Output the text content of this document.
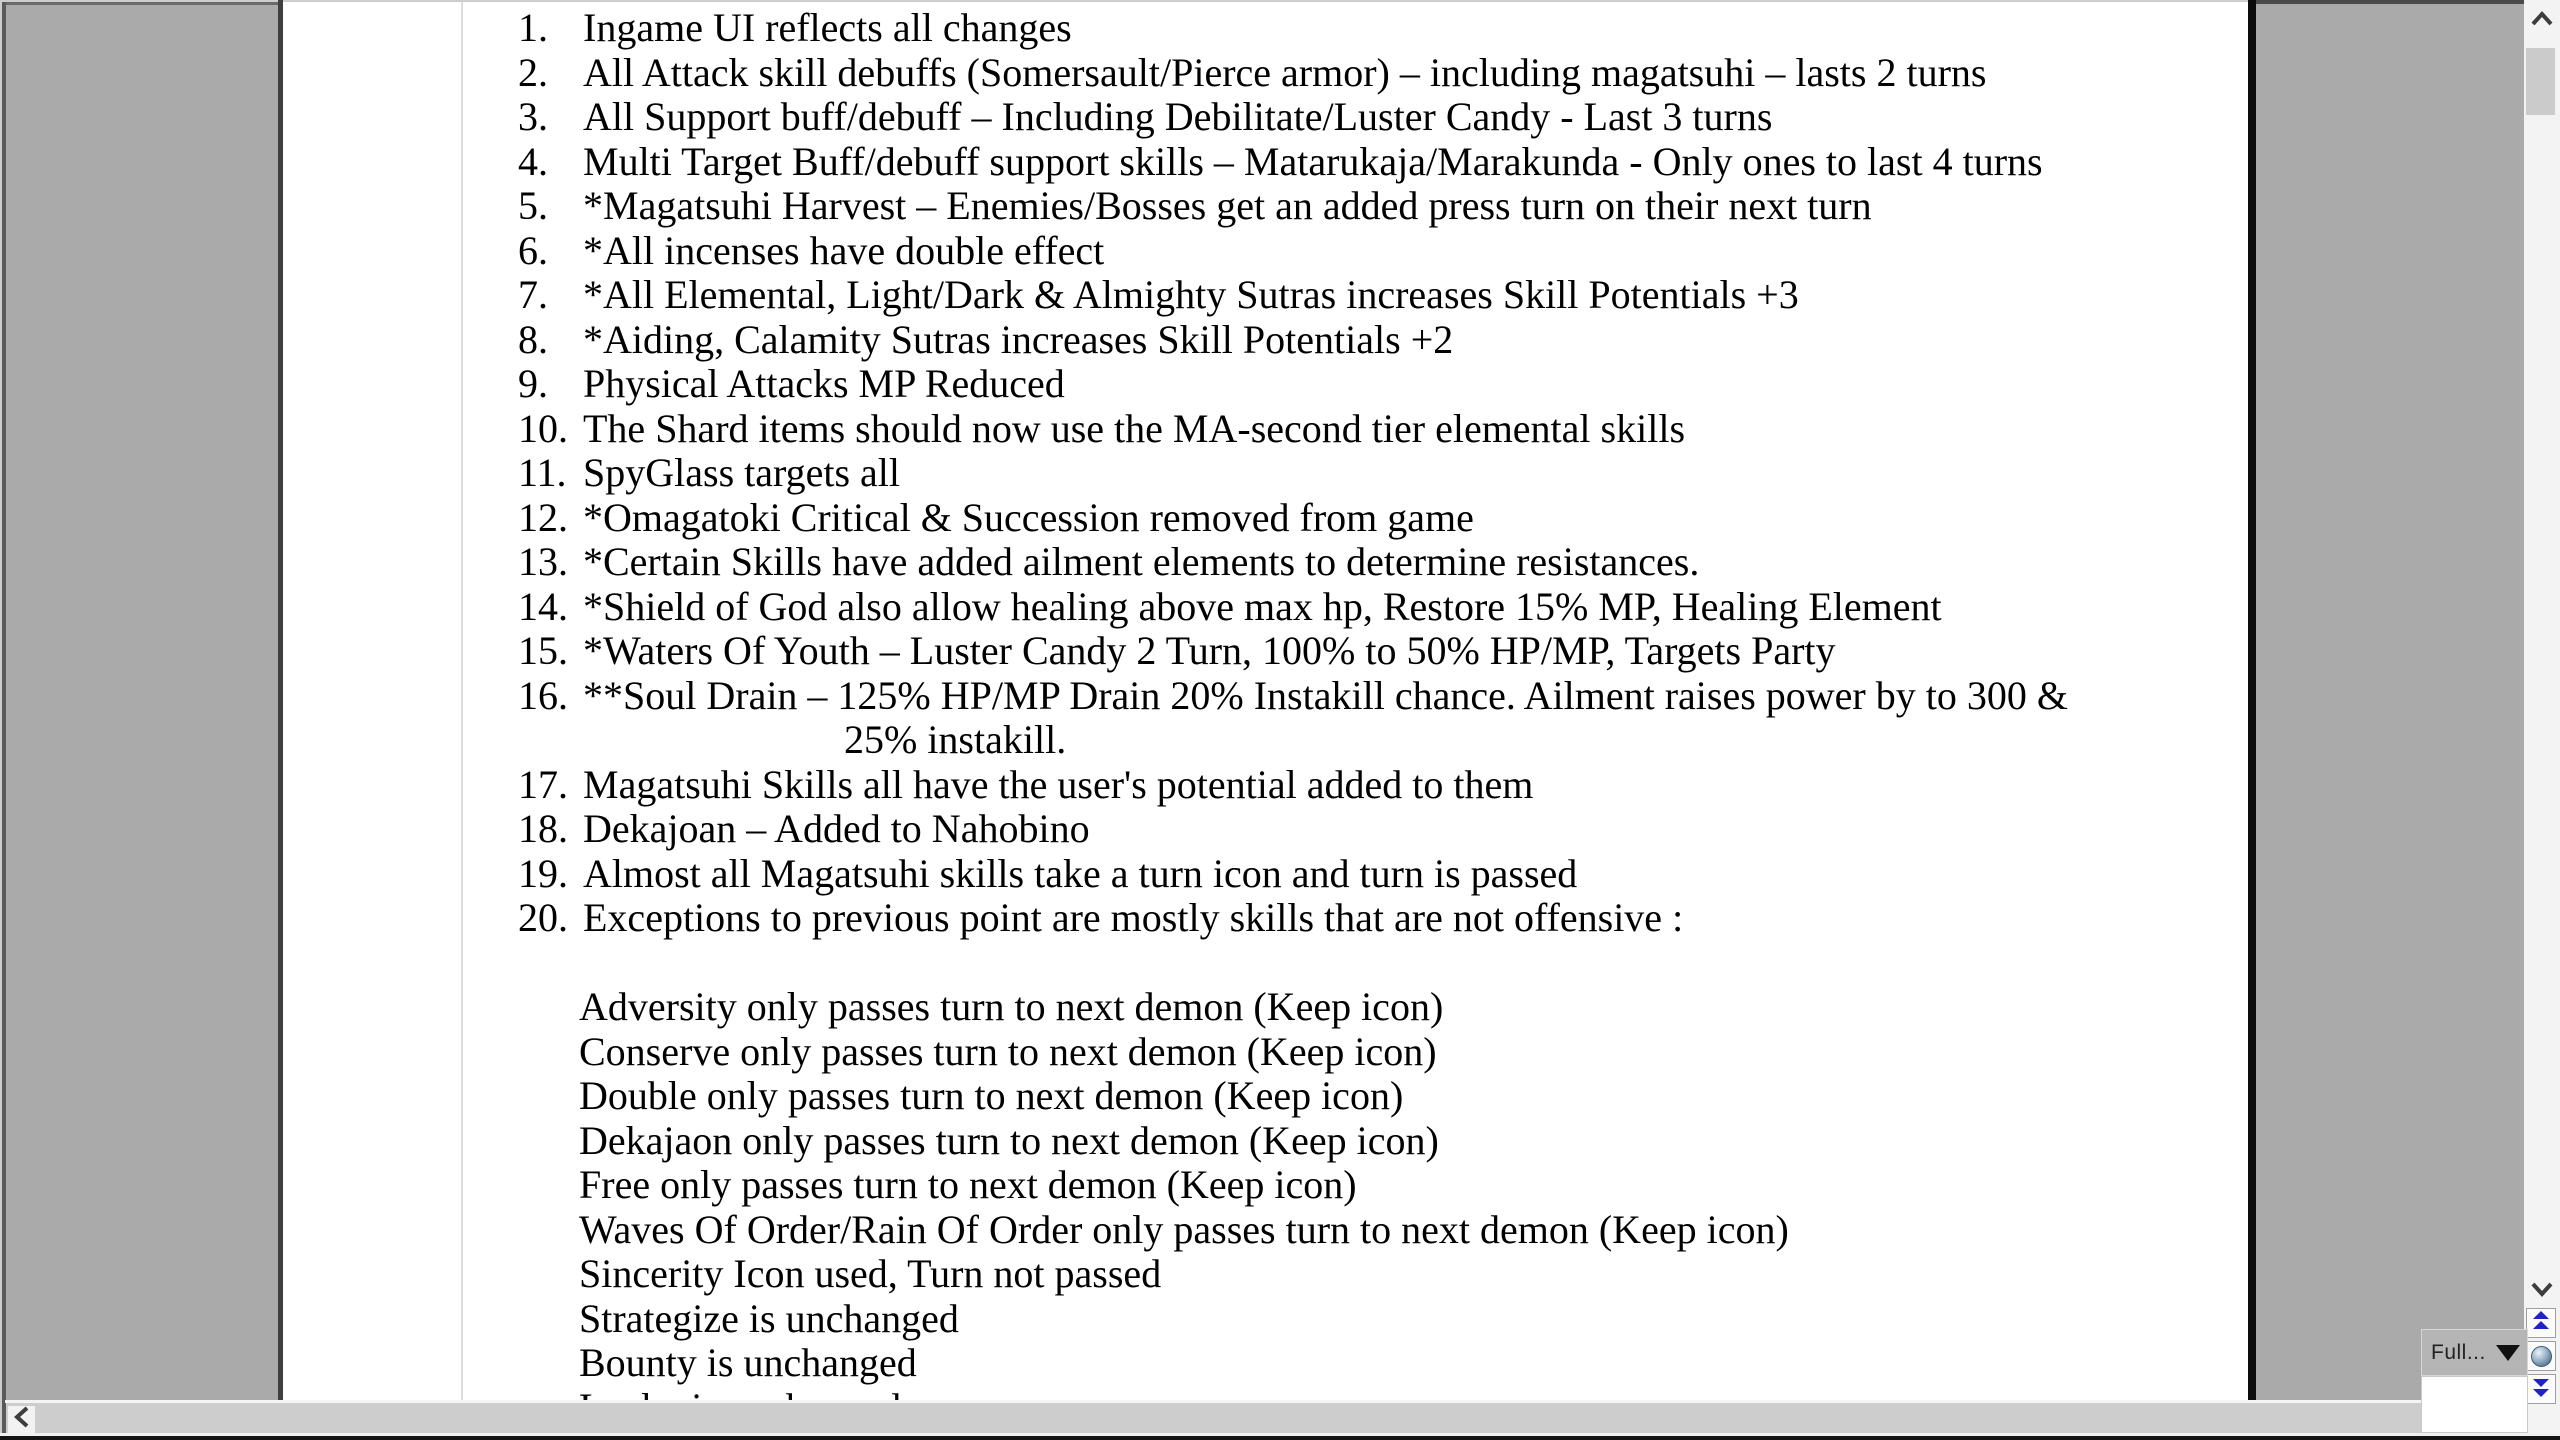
1. Ingame UI reflects all changes
2. All Attack skill debuffs (Somersault/Pierce armor) – including magatsuhi – lasts 2 turns
3. All Support buff/debuff – Including Debilitate/Luster Candy - Last 3 turns
4. Multi Target Buff/debuff support skills – Matarukaja/Marakunda - Only ones to last 4 turns
5. *Magatsuhi Harvest – Enemies/Bosses get an added press turn on their next turn
6. *All incenses have double effect
7. *All Elemental, Light/Dark & Almighty Sutras increases Skill Potentials +3
8. *Aiding, Calamity Sutras increases Skill Potentials +2
9. Physical Attacks MP Reduced
10. The Shard items should now use the MA-second tier elemental skills
11. SpyGlass targets all
12. *Omagatoki Critical & Succession removed from game
13. *Certain Skills have added ailment elements to determine resistances.
14. *Shield of God also allow healing above max hp, Restore 15% MP, Healing Element
15. *Waters Of Youth – Luster Candy 2 Turn, 100% to 50% HP/MP, Targets Party
16. **Soul Drain – 125% HP/MP Drain 20% Instakill chance. Ailment raises power by to 300 &
25% instakill.
17. Magatsuhi Skills all have the user's potential added to them
18. Dekajoan – Added to Nahobino
19. Almost all Magatsuhi skills take a turn icon and turn is passed
20. Exceptions to previous point are mostly skills that are not offensive :
Adversity only passes turn to next demon (Keep icon)
Conserve only passes turn to next demon (Keep icon)
Double only passes turn to next demon (Keep icon)
Dekajaon only passes turn to next demon (Keep icon)
Free only passes turn to next demon (Keep icon)
Waves Of Order/Rain Of Order only passes turn to next demon (Keep icon)
Sincerity Icon used, Turn not passed
Strategize is unchanged
Bounty is unchanged	Full...
